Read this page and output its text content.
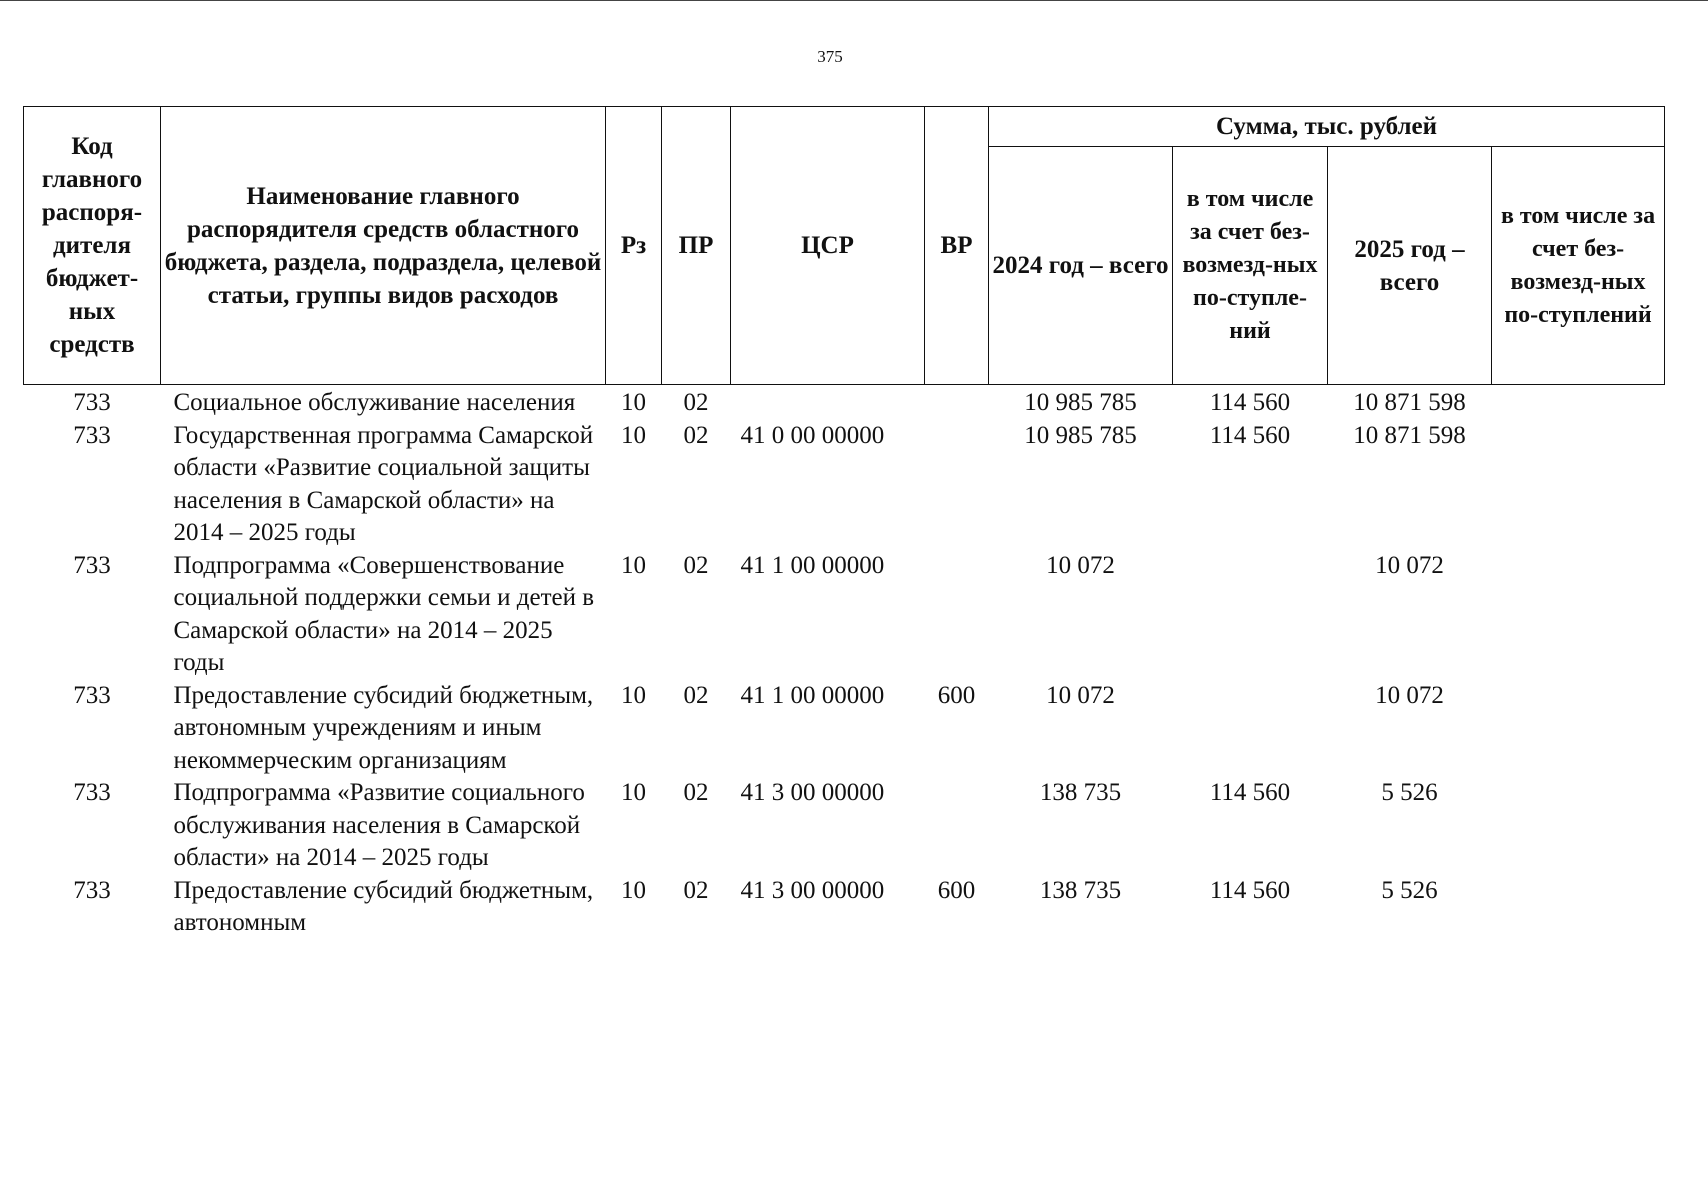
375
Код главного распоря-дителя бюджет-ных средств	Наименование главного распорядителя средств областного бюджета, раздела, подраздела, целевой статьи, группы видов расходов	Рз	ПР	ЦСР	ВР	Сумма, тыс. рублей			
						2024 год – всего	в том числе за счет без-возмезд-ных по-ступле-ний	2025 год – всего	в том числе за счет без-возмезд-ных по-ступлений
733	Социальное обслуживание населения	10	02			10 985 785	114 560	10 871 598	
733	Государственная программа Самарской области «Развитие социальной защиты населения в Самарской области» на 2014 – 2025 годы	10	02	41 0 00 00000		10 985 785	114 560	10 871 598	
733	Подпрограмма «Совершенствование социальной поддержки семьи и детей в Самарской области» на 2014 – 2025 годы	10	02	41 1 00 00000		10 072		10 072	
733	Предоставление субсидий бюджетным, автономным учреждениям и иным некоммерческим организациям	10	02	41 1 00 00000	600	10 072		10 072	
733	Подпрограмма «Развитие социального обслуживания населения в Самарской области» на 2014 – 2025 годы	10	02	41 3 00 00000		138 735	114 560	5 526	
733	Предоставление субсидий бюджетным, автономным	10	02	41 3 00 00000	600	138 735	114 560	5 526	
